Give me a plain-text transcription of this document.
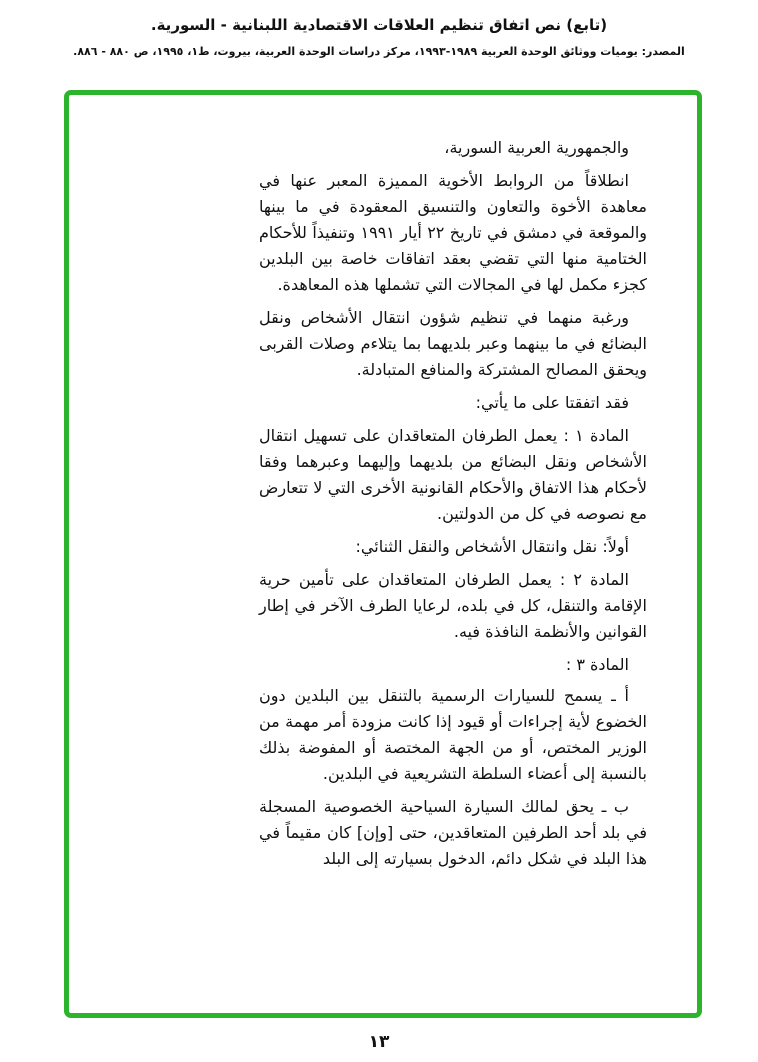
(تابع) نص اتفاق تنظيم العلاقات الاقتصادية اللبنانية - السورية.
المصدر: يوميات ووثائق الوحدة العربية ١٩٨٩-١٩٩٣، مركز دراسات الوحدة العربية، بيروت، ط١، ١٩٩٥، ص ٨٨٠ - ٨٨٦.

والجمهورية العربية السورية،

انطلاقاً من الروابط الأخوية المميزة المعبر عنها في معاهدة الأخوة والتعاون والتنسيق المعقودة في ما بينها والموقعة في دمشق في تاريخ ٢٢ أيار ١٩٩١ وتنفيذاً للأحكام الختامية منها التي تقضي بعقد اتفاقات خاصة بين البلدين كجزء مكمل لها في المجالات التي تشملها هذه المعاهدة.

ورغبة منهما في تنظيم شؤون انتقال الأشخاص ونقل البضائع في ما بينهما وعبر بلديهما بما يتلاءم وصلات القربى ويحقق المصالح المشتركة والمنافع المتبادلة.

فقد اتفقتا على ما يأتي:

المادة ١ : يعمل الطرفان المتعاقدان على تسهيل انتقال الأشخاص ونقل البضائع من بلديهما وإليهما وعبرهما وفقا لأحكام هذا الاتفاق والأحكام القانونية الأخرى التي لا تتعارض مع نصوصه في كل من الدولتين.

أولاً: نقل وانتقال الأشخاص والنقل الثنائي:

المادة ٢ : يعمل الطرفان المتعاقدان على تأمين حرية الإقامة والتنقل، كل في بلده، لرعايا الطرف الآخر في إطار القوانين والأنظمة النافذة فيه.

المادة ٣ :

أ ـ يسمح للسيارات الرسمية بالتنقل بين البلدين دون الخضوع لأية إجراءات أو قيود إذا كانت مزودة أمر مهمة من الوزير المختص، أو من الجهة المختصة أو المفوضة بذلك بالنسبة إلى أعضاء السلطة التشريعية في البلدين.

ب ـ يحق لمالك السيارة السياحية الخصوصية المسجلة في بلد أحد الطرفين المتعاقدين، حتى [وإن] كان مقيماً في هذا البلد في شكل دائم، الدخول بسيارته إلى البلد

١٣
